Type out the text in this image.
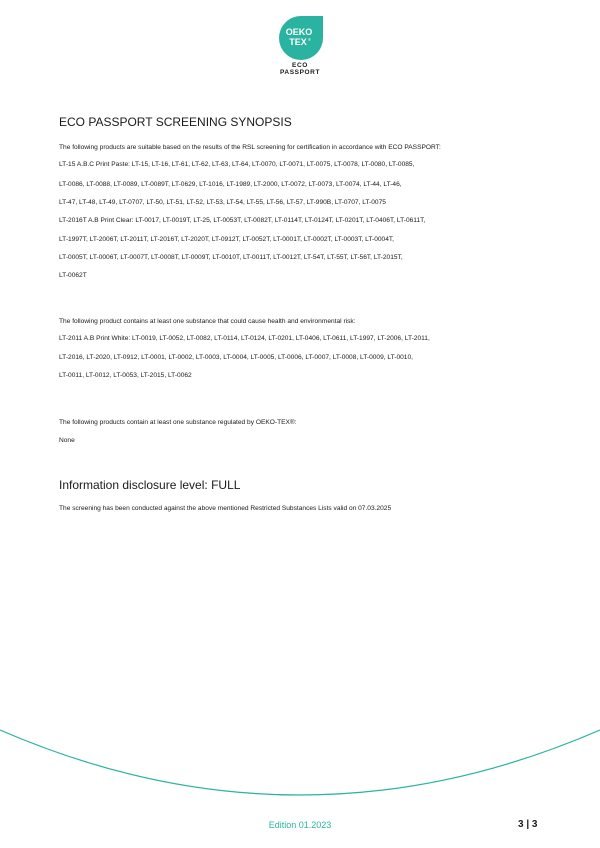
OEKO
TEX ®
ECO
PASSPORT
ECO PASSPORT SCREENING SYNOPSIS
The following products are suitable based on the results of the RSL screening for certification in accordance with ECO PASSPORT:
LT-15 A.B.C Print Paste: LT-15, LT-16, LT-61, LT-62, LT-63, LT-64, LT-0070, LT-0071, LT-0075, LT-0078, LT-0080, LT-0085,
LT-0086, LT-0088, LT-0089, LT-0089T, LT-0629, LT-1016, LT-1989, LT-2000, LT-0072, LT-0073, LT-0074, LT-44, LT-46,
LT-47, LT-48, LT-49, LT-0707, LT-50, LT-51, LT-52, LT-53, LT-54, LT-55, LT-56, LT-57, LT-990B, LT-0707, LT-0075
LT-2016T A.B Print Clear: LT-0017, LT-0019T, LT-25, LT-0053T, LT-0082T, LT-0114T, LT-0124T, LT-0201T, LT-0406T, LT-0611T,
LT-1997T, LT-2006T, LT-2011T, LT-2016T, LT-2020T, LT-0912T, LT-0052T, LT-0001T, LT-0002T, LT-0003T, LT-0004T,
LT-0005T, LT-0006T, LT-0007T, LT-0008T, LT-0009T, LT-0010T, LT-0011T, LT-0012T, LT-54T, LT-55T, LT-56T, LT-2015T,
LT-0062T
The following product contains at least one substance that could cause health and environmental risk:
LT-2011 A.B Print White: LT-0019, LT-0052, LT-0082, LT-0114, LT-0124, LT-0201, LT-0406, LT-0611, LT-1997, LT-2006, LT-2011,
LT-2016, LT-2020, LT-0912, LT-0001, LT-0002, LT-0003, LT-0004, LT-0005, LT-0006, LT-0007, LT-0008, LT-0009, LT-0010,
LT-0011, LT-0012, LT-0053, LT-2015, LT-0062
The following products contain at least one substance regulated by OEKO-TEX®:
None
Information disclosure level: FULL
The screening has been conducted against the above mentioned Restricted Substances Lists valid on 07.03.2025
Edition 01.2023	3 | 3
